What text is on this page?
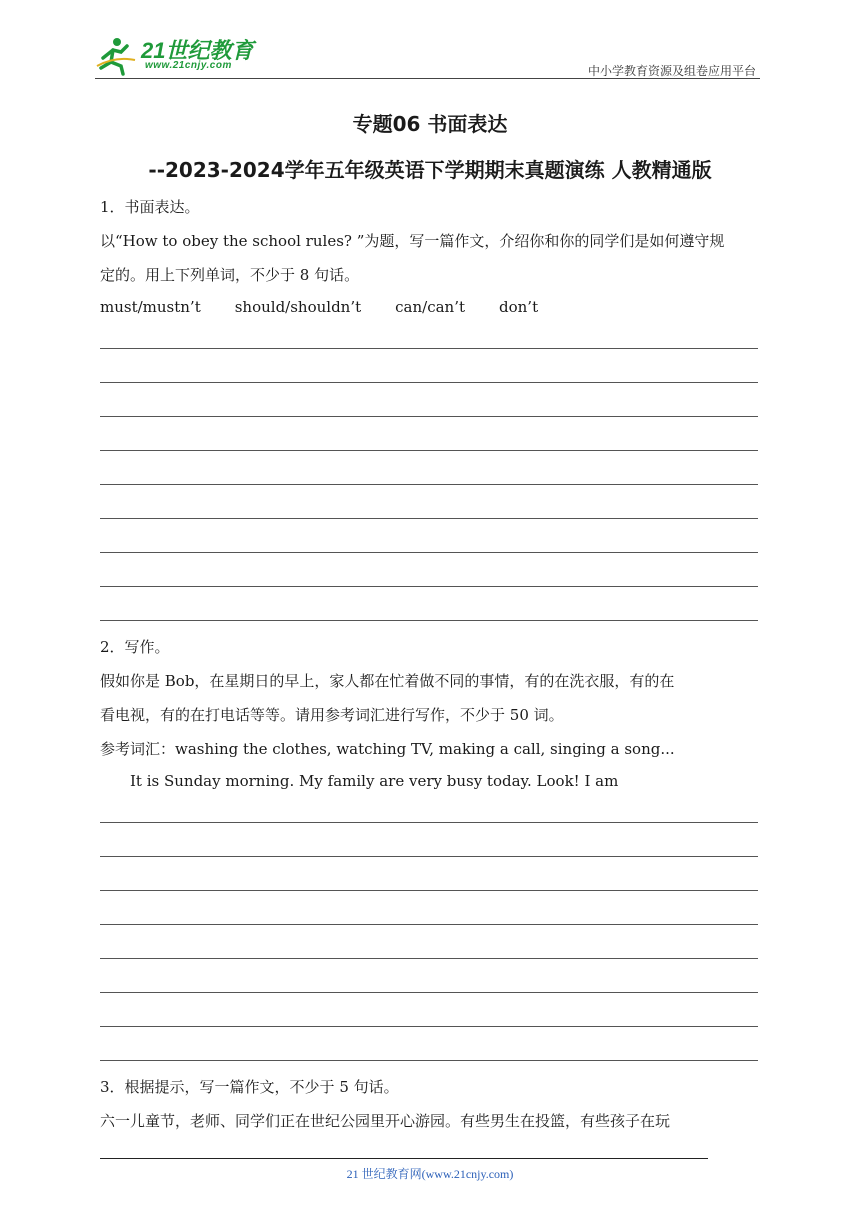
21世纪教育
www.21cnjy.com	中小学教育资源及组卷应用平台
专题06 书面表达
--2023-2024学年五年级英语下学期期末真题演练 人教精通版
1．书面表达。
以“How to obey the school rules? ”为题，写一篇作文，介绍你和你的同学们是如何遵守规
定的。用上下列单词，不少于 8 句话。
must/mustn’t should/shouldn’t can/can’t don’t
2．写作。
假如你是 Bob，在星期日的早上，家人都在忙着做不同的事情，有的在洗衣服，有的在
看电视，有的在打电话等等。请用参考词汇进行写作，不少于 50 词。
参考词汇：washing the clothes, watching TV, making a call, singing a song...
It is Sunday morning. My family are very busy today. Look! I am
3．根据提示，写一篇作文，不少于 5 句话。
六一儿童节，老师、同学们正在世纪公园里开心游园。有些男生在投篮，有些孩子在玩
21 世纪教育网(www.21cnjy.com)
